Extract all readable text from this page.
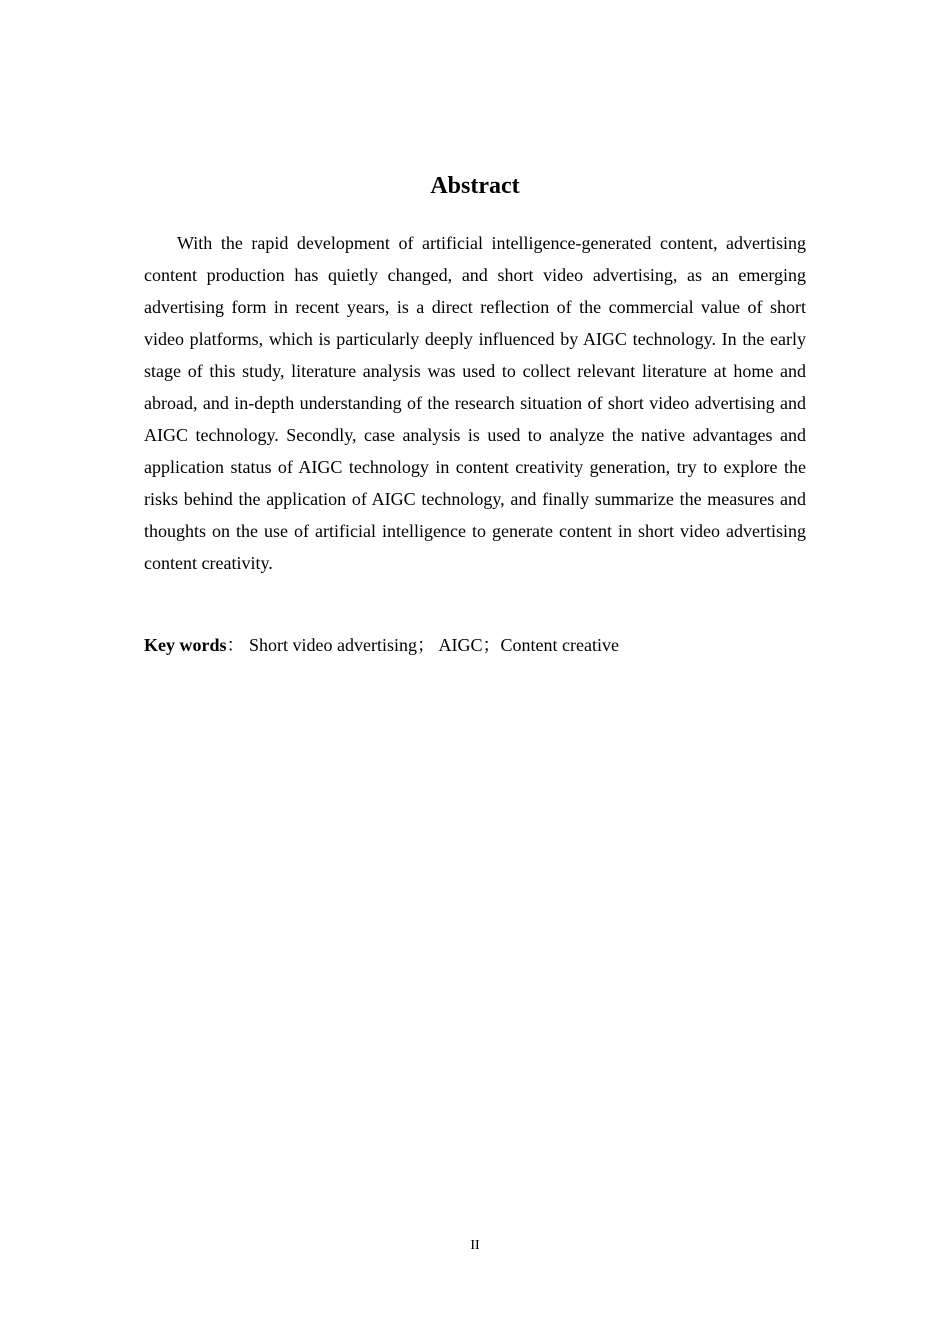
Abstract

With the rapid development of artificial intelligence-generated content, advertising content production has quietly changed, and short video advertising, as an emerging advertising form in recent years, is a direct reflection of the commercial value of short video platforms, which is particularly deeply influenced by AIGC technology. In the early stage of this study, literature analysis was used to collect relevant literature at home and abroad, and in-depth understanding of the research situation of short video advertising and AIGC technology. Secondly, case analysis is used to analyze the native advantages and application status of AIGC technology in content creativity generation, try to explore the risks behind the application of AIGC technology, and finally summarize the measures and thoughts on the use of artificial intelligence to generate content in short video advertising content creativity.

Key words： Short video advertising； AIGC；Content creative
II
